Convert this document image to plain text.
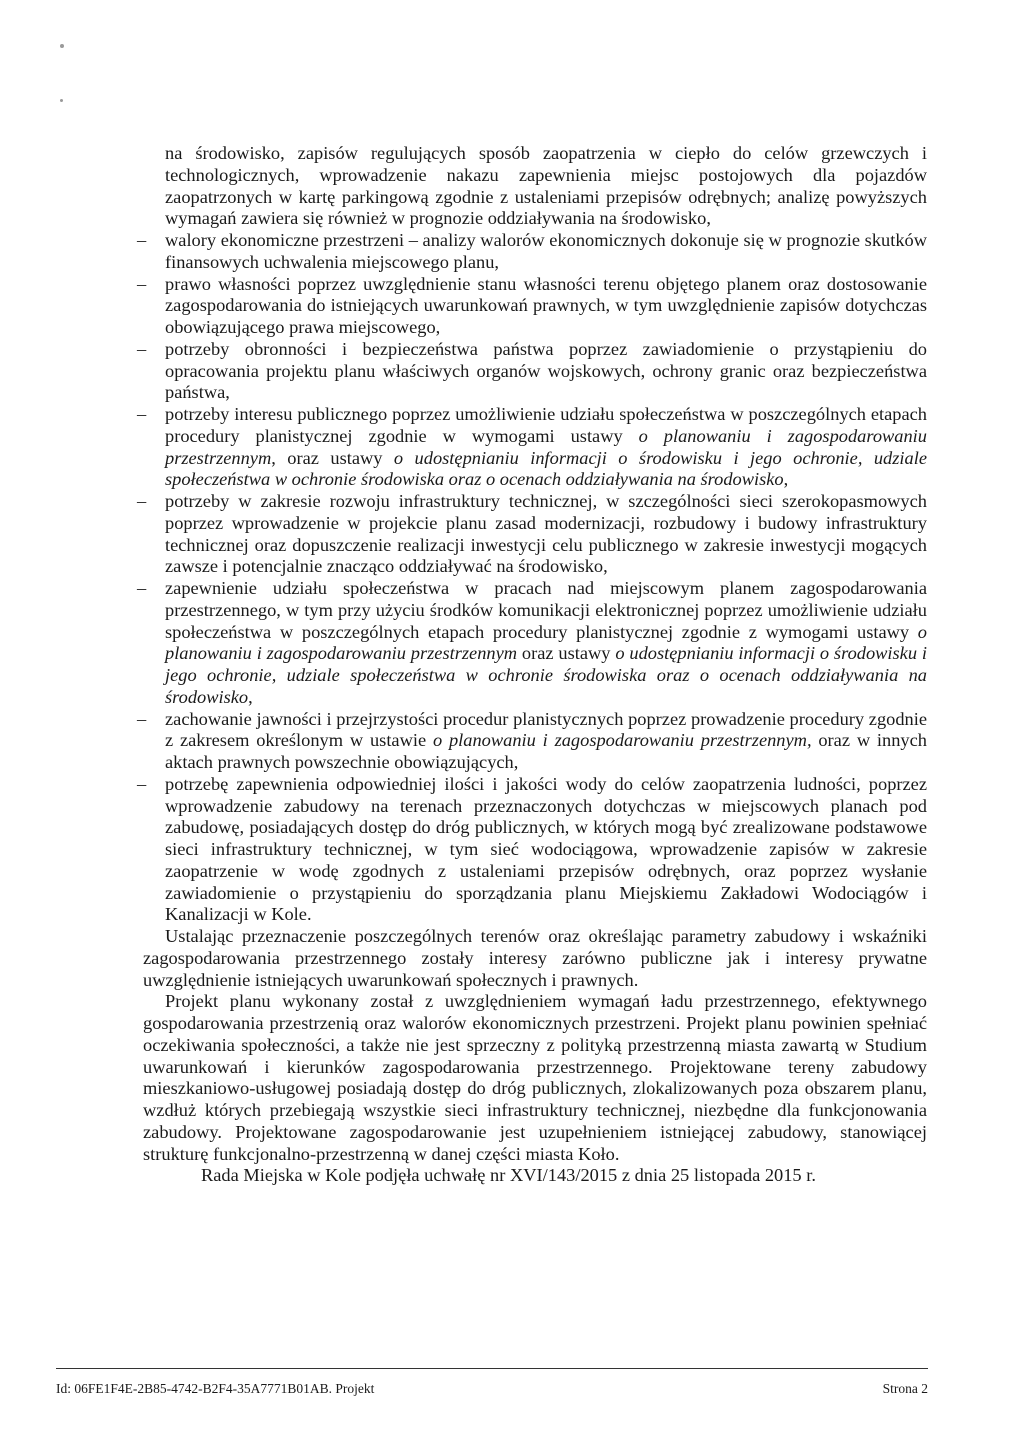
na środowisko, zapisów regulujących sposób zaopatrzenia w ciepło do celów grzewczych i technologicznych, wprowadzenie nakazu zapewnienia miejsc postojowych dla pojazdów zaopatrzonych w kartę parkingową zgodnie z ustaleniami przepisów odrębnych; analizę powyższych wymagań zawiera się również w prognozie oddziaływania na środowisko,

– walory ekonomiczne przestrzeni – analizy walorów ekonomicznych dokonuje się w prognozie skutków finansowych uchwalenia miejscowego planu,
– prawo własności poprzez uwzględnienie stanu własności terenu objętego planem oraz dostosowanie zagospodarowania do istniejących uwarunkowań prawnych, w tym uwzględnienie zapisów dotychczas obowiązującego prawa miejscowego,
– potrzeby obronności i bezpieczeństwa państwa poprzez zawiadomienie o przystąpieniu do opracowania projektu planu właściwych organów wojskowych, ochrony granic oraz bezpieczeństwa państwa,
– potrzeby interesu publicznego poprzez umożliwienie udziału społeczeństwa w poszczególnych etapach procedury planistycznej zgodnie w wymogami ustawy o planowaniu i zagospodarowaniu przestrzennym, oraz ustawy o udostępnianiu informacji o środowisku i jego ochronie, udziale społeczeństwa w ochronie środowiska oraz o ocenach oddziaływania na środowisko,
– potrzeby w zakresie rozwoju infrastruktury technicznej, w szczególności sieci szerokopasmowych poprzez wprowadzenie w projekcie planu zasad modernizacji, rozbudowy i budowy infrastruktury technicznej oraz dopuszczenie realizacji inwestycji celu publicznego w zakresie inwestycji mogących zawsze i potencjalnie znacząco oddziaływać na środowisko,
– zapewnienie udziału społeczeństwa w pracach nad miejscowym planem zagospodarowania przestrzennego, w tym przy użyciu środków komunikacji elektronicznej poprzez umożliwienie udziału społeczeństwa w poszczególnych etapach procedury planistycznej zgodnie z wymogami ustawy o planowaniu i zagospodarowaniu przestrzennym oraz ustawy o udostępnianiu informacji o środowisku i jego ochronie, udziale społeczeństwa w ochronie środowiska oraz o ocenach oddziaływania na środowisko,
– zachowanie jawności i przejrzystości procedur planistycznych poprzez prowadzenie procedury zgodnie z zakresem określonym w ustawie o planowaniu i zagospodarowaniu przestrzennym, oraz w innych aktach prawnych powszechnie obowiązujących,
– potrzebę zapewnienia odpowiedniej ilości i jakości wody do celów zaopatrzenia ludności, poprzez wprowadzenie zabudowy na terenach przeznaczonych dotychczas w miejscowych planach pod zabudowę, posiadających dostęp do dróg publicznych, w których mogą być zrealizowane podstawowe sieci infrastruktury technicznej, w tym sieć wodociągowa, wprowadzenie zapisów w zakresie zaopatrzenie w wodę zgodnych z ustaleniami przepisów odrębnych, oraz poprzez wysłanie zawiadomienie o przystąpieniu do sporządzania planu Miejskiemu Zakładowi Wodociągów i Kanalizacji w Kole.

Ustalając przeznaczenie poszczególnych terenów oraz określając parametry zabudowy i wskaźniki zagospodarowania przestrzennego zostały interesy zarówno publiczne jak i interesy prywatne uwzględnienie istniejących uwarunkowań społecznych i prawnych.

Projekt planu wykonany został z uwzględnieniem wymagań ładu przestrzennego, efektywnego gospodarowania przestrzenią oraz walorów ekonomicznych przestrzeni. Projekt planu powinien spełniać oczekiwania społeczności, a także nie jest sprzeczny z polityką przestrzenną miasta zawartą w Studium uwarunkowań i kierunków zagospodarowania przestrzennego. Projektowane tereny zabudowy mieszkaniowo-usługowej posiadają dostęp do dróg publicznych, zlokalizowanych poza obszarem planu, wzdłuż których przebiegają wszystkie sieci infrastruktury technicznej, niezbędne dla funkcjonowania zabudowy. Projektowane zagospodarowanie jest uzupełnieniem istniejącej zabudowy, stanowiącej strukturę funkcjonalno-przestrzenną w danej części miasta Koło.

Rada Miejska w Kole podjęła uchwałę nr XVI/143/2015 z dnia 25 listopada 2015 r.

Id: 06FE1F4E-2B85-4742-B2F4-35A7771B01AB. Projekt	Strona 2
